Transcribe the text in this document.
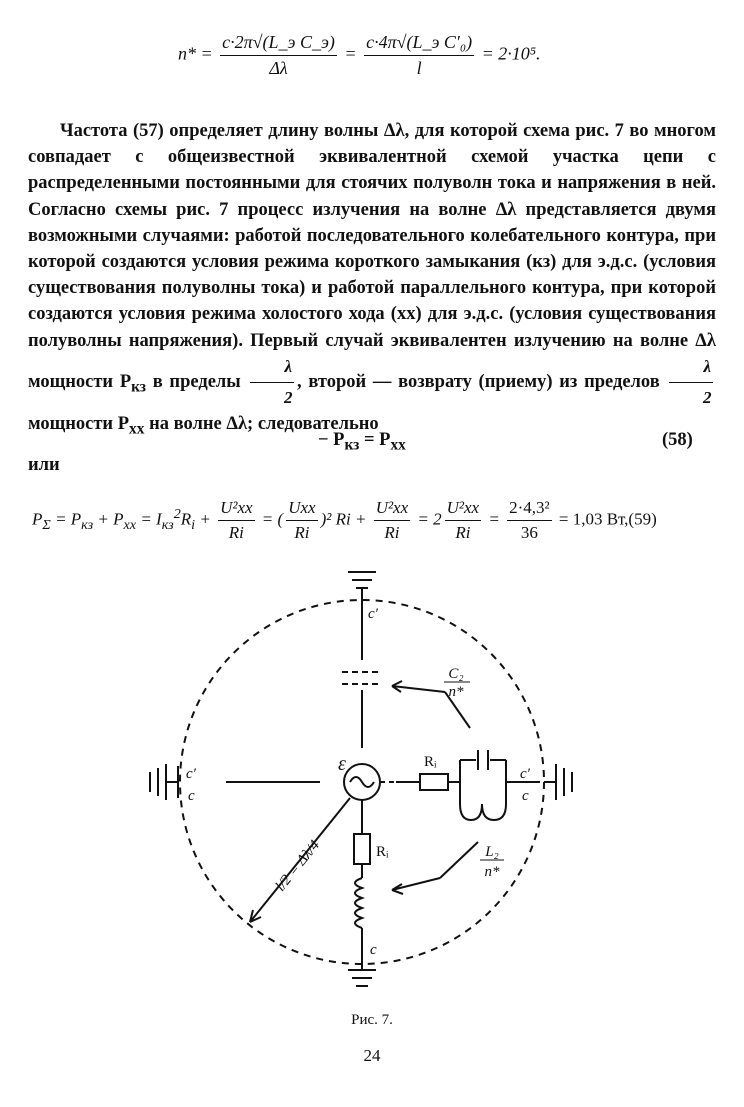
$n* = \frac{\text{c·2π√(L\_э C\_э)}}{\Delta\lambda} = \frac{\text{c·4π√(L\_э C′₀)}}{l} = 2\cdot 10^5$.

Частота (57) определяет длину волны Δλ, для которой схема рис. 7 во многом совпадает с общеизвестной эквивалентной схемой участка цепи с распределенными постоянными для стоячих полуволн тока и напряжения в ней. Согласно схемы рис. 7 процесс излучения на волне Δλ представляется двумя возможными случаями: работой последовательного колебательного контура, при которой создаются условия режима короткого замыкания (кз) для э.д.с. (условия существования полуволны тока) и работой параллельного контура, при которой создаются условия режима холостого хода (хх) для э.д.с. (условия существования полуволны напряжения). Первый случай эквивалентен излучению на волне Δλ мощности $P_{кз}$ в пределы $\frac{\lambda}{2}$ , второй — возврату (приему) из пределов $\frac{\lambda}{2}$
мощности $P_{хх}$ на волне Δλ; следовательно

− $P_{кз} = P_{хх}$	(58)
или
$P_\Sigma = P_{кз} + P_{xx} = I_{кз}^2R_i + \frac{\text{U²xx}}{Ri}$ = ( $\frac{\text{Uxx}}{Ri} )^2$ $Ri + \frac{\text{U²xx}}{Ri} = 2 \frac{\text{U²xx}}{Ri} = \frac{\text{2·4,3²}}{36} = 1,03$ Вт,(59)
c′
C₂
n*
ε	Rᵢ
Rᵢ	L₂
n*
c′
c
c′
c
c
l/2 = Δλ/4
Рис. 7.
24
